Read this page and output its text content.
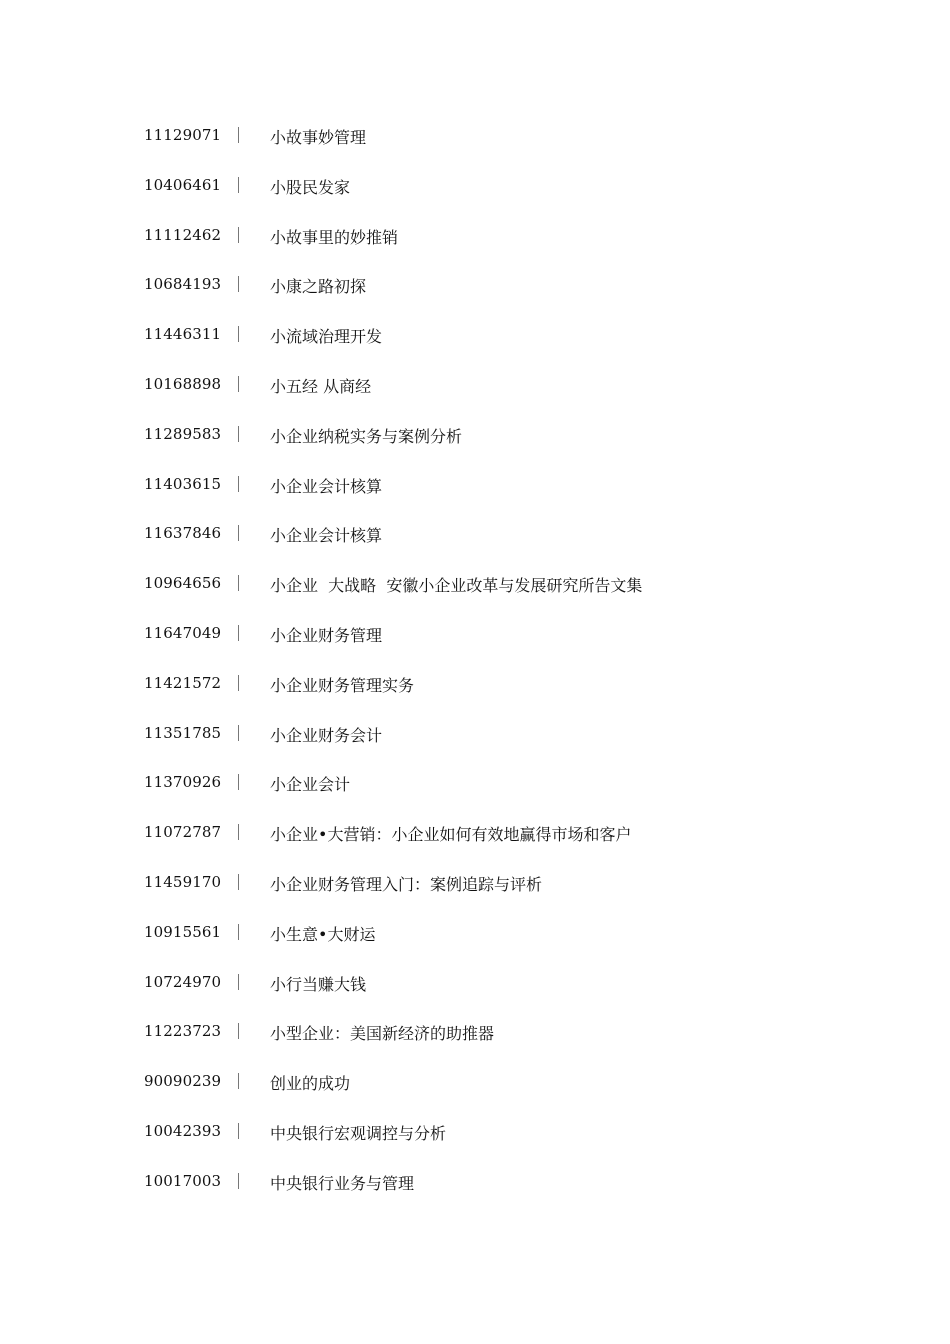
11129071	小故事妙管理
10406461	小股民发家
11112462	小故事里的妙推销
10684193	小康之路初探
11446311	小流域治理开发
10168898	小五经 从商经
11289583	小企业纳税实务与案例分析
11403615	小企业会计核算
11637846	小企业会计核算
10964656	小企业  大战略  安徽小企业改革与发展研究所告文集
11647049	小企业财务管理
11421572	小企业财务管理实务
11351785	小企业财务会计
11370926	小企业会计
11072787	小企业•大营销：小企业如何有效地赢得市场和客户
11459170	小企业财务管理入门：案例追踪与评析
10915561	小生意•大财运
10724970	小行当赚大钱
11223723	小型企业：美国新经济的助推器
90090239	创业的成功
10042393	中央银行宏观调控与分析
10017003	中央银行业务与管理
